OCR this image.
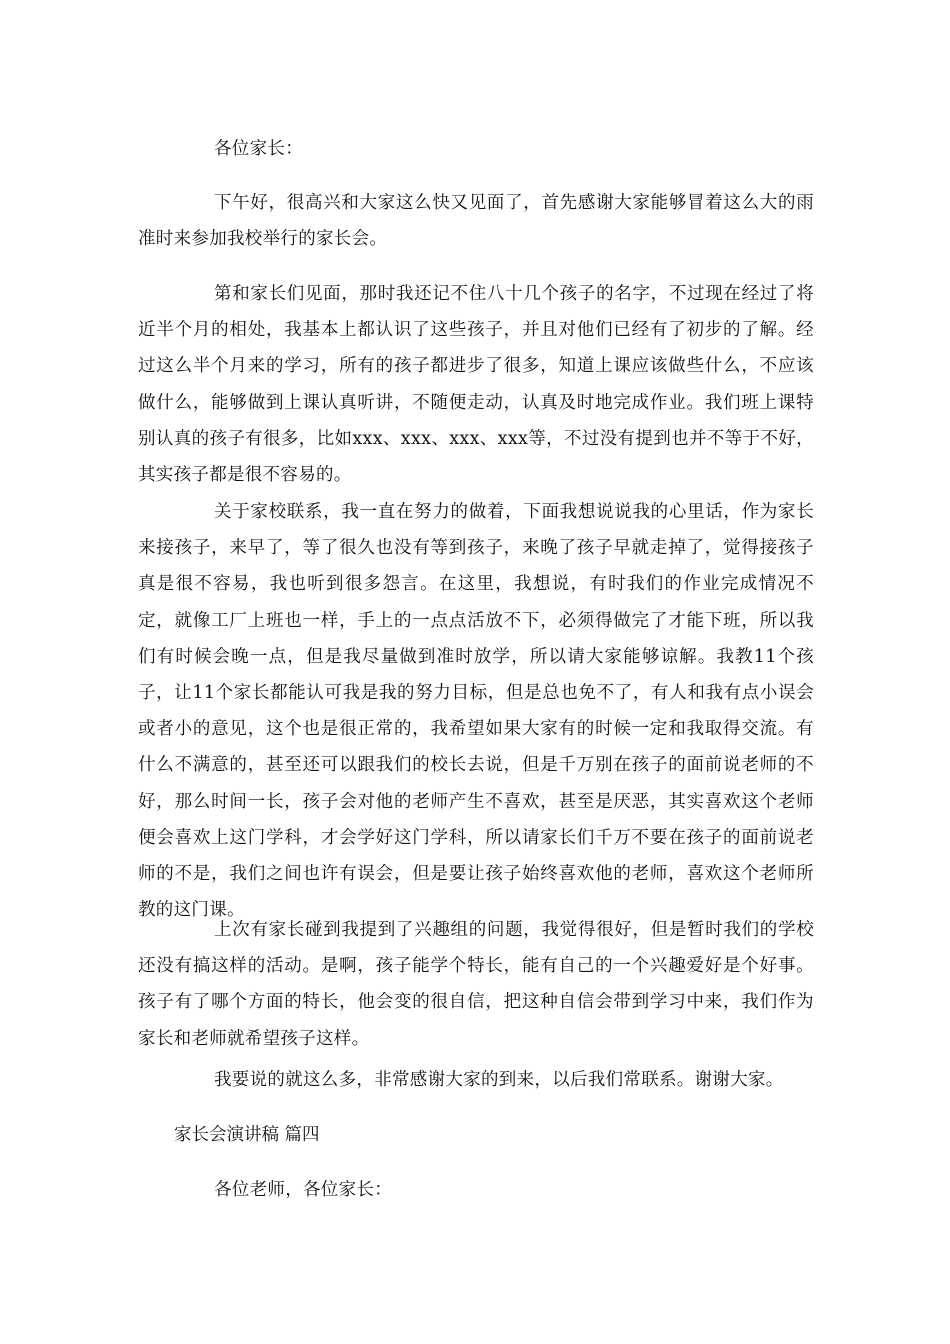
各位家长：

下午好，很高兴和大家这么快又见面了，首先感谢大家能够冒着这么大的雨准时来参加我校举行的家长会。

第和家长们见面，那时我还记不住八十几个孩子的名字，不过现在经过了将近半个月的相处，我基本上都认识了这些孩子，并且对他们已经有了初步的了解。经过这么半个月来的学习，所有的孩子都进步了很多，知道上课应该做些什么，不应该做什么，能够做到上课认真听讲，不随便走动，认真及时地完成作业。我们班上课特别认真的孩子有很多，比如xxx、xxx、xxx、xxx等，不过没有提到也并不等于不好，其实孩子都是很不容易的。

关于家校联系，我一直在努力的做着，下面我想说说我的心里话，作为家长来接孩子，来早了，等了很久也没有等到孩子，来晚了孩子早就走掉了，觉得接孩子真是很不容易，我也听到很多怨言。在这里，我想说，有时我们的作业完成情况不定，就像工厂上班也一样，手上的一点点活放不下，必须得做完了才能下班，所以我们有时候会晚一点，但是我尽量做到准时放学，所以请大家能够谅解。我教11个孩子，让11个家长都能认可我是我的努力目标，但是总也免不了，有人和我有点小误会或者小的意见，这个也是很正常的，我希望如果大家有的时候一定和我取得交流。有什么不满意的，甚至还可以跟我们的校长去说，但是千万别在孩子的面前说老师的不好，那么时间一长，孩子会对他的老师产生不喜欢，甚至是厌恶，其实喜欢这个老师便会喜欢上这门学科，才会学好这门学科，所以请家长们千万不要在孩子的面前说老师的不是，我们之间也许有误会，但是要让孩子始终喜欢他的老师，喜欢这个老师所教的这门课。

上次有家长碰到我提到了兴趣组的问题，我觉得很好，但是暂时我们的学校还没有搞这样的活动。是啊，孩子能学个特长，能有自己的一个兴趣爱好是个好事。孩子有了哪个方面的特长，他会变的很自信，把这种自信会带到学习中来，我们作为家长和老师就希望孩子这样。

我要说的就这么多，非常感谢大家的到来，以后我们常联系。谢谢大家。

家长会演讲稿 篇四

各位老师，各位家长：
